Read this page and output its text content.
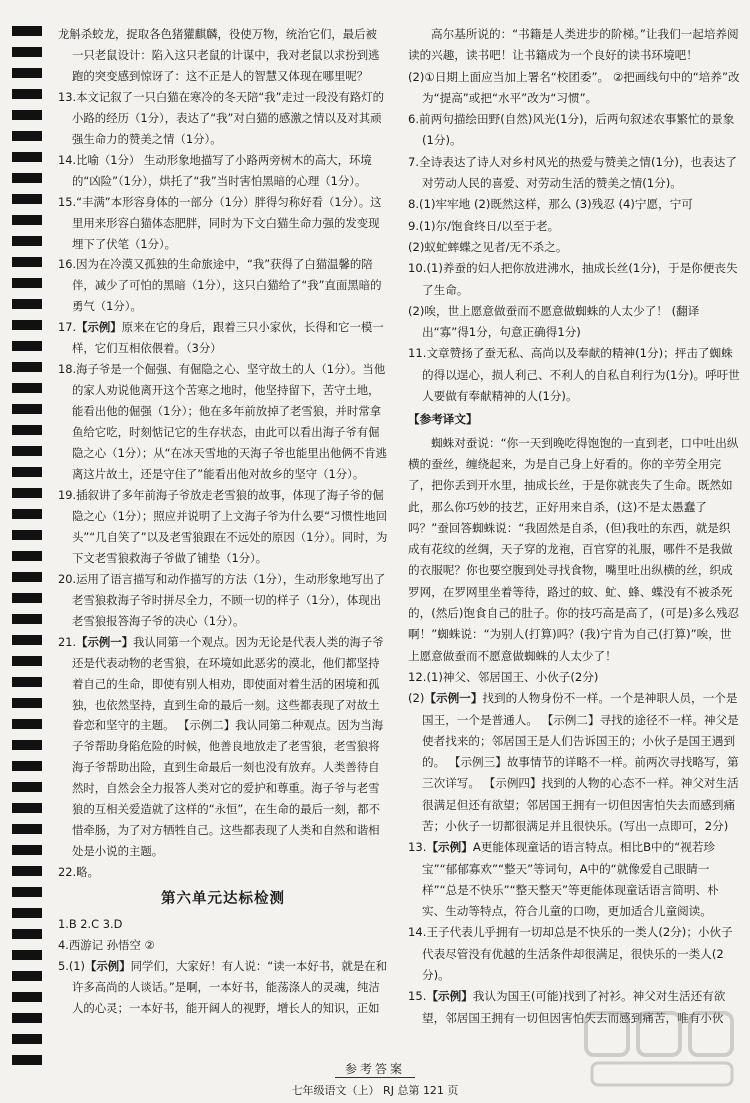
龙斛杀蛟龙，捉取各色猪獾麒麟，役使万物，统治它们，最后被一只老鼠设计：陷入这只老鼠的计谋中，我对老鼠以求扮到逃跑的突变感到惊讶了：这不正是人的智慧又体现在哪里呢？

13.本文记叙了一只白猫在寒冷的冬天陪“我”走过一段没有路灯的小路的经历（1分），表达了“我”对白猫的感激之情以及对其顽强生命力的赞美之情（1分）。

14.比喻（1分） 生动形象地描写了小路两旁树木的高大，环境的“凶险”（1分），烘托了“我”当时害怕黑暗的心理（1分）。

15.“丰满”本形容身体的一部分（1分）胖得匀称好看（1分）。这里用来形容白猫体态肥胖，同时为下文白猫生命力强的发变现埋下了伏笔（1分）。

16.因为在冷漠又孤独的生命旅途中，“我”获得了白猫温馨的陪伴，减少了可怕的黑暗（1分），这只白猫给了“我”直面黑暗的勇气（1分）。

17.【示例】原来在它的身后，跟着三只小家伙，长得和它一模一样，它们互相依偎着。（3分）

18.海子爷是一个倔强、有倔隐之心、坚守故土的人（1分）。当他的家人劝说他离开这个苦寒之地时，他坚持留下，苦守土地，能看出他的倔强（1分）；他在多年前放掉了老雪狼，并时常拿鱼给它吃，时刻惦记它的生存状态，由此可以看出海子爷有倔隐之心（1分）；从“在冰天雪地的天海子爷也能里出他俩不肯逃离这片故土，还是守住了”能看出他对故乡的坚守（1分）。

19.插叙讲了多年前海子爷放走老雪狼的故事，体现了海子爷的倔隐之心（1分）；照应并说明了上文海子爷为什么要“习惯性地回头”“几自笑了”以及老雪狼跟在不远处的原因（1分）。同时，为下文老雪狼救海子爷做了铺垫（1分）。

20.运用了语言描写和动作描写的方法（1分），生动形象地写出了老雪狼救海子爷时拼尽全力，不顾一切的样子（1分），体现出老雪狼报答海子爷的决心（1分）。

21.【示例一】我认同第一个观点。因为无论是代表人类的海子爷还是代表动物的老雪狼，在环境如此恶劣的漠北，他们都坚持着自己的生命，即使有别人相劝，即使面对着生活的困境和孤独，也依然坚持，直到生命的最后一刻。这些都表现了对故土眷恋和坚守的主题。 【示例二】我认同第二种观点。因为当海子爷帮助身陷危险的时候，他善良地放走了老雪狼，老雪狼将海子爷帮助出险，直到生命最后一刻也没有放弃。人类善待自然时，自然会全力报答人类对它的爱护和尊重。海子爷与老雪狼的互相关爱造就了这样的“永恒”，在生命的最后一刻，都不惜牵肠，为了对方牺牲自己。这些都表现了人类和自然和谐相处是小说的主题。

22.略。

第六单元达标检测

1.B 2.C 3.D

4.西游记 孙悟空 ②

5.(1)【示例】同学们，大家好！有人说：“读一本好书，就是在和许多高尚的人谈话。”是啊，一本好书，能荡涤人的灵魂，纯洁人的心灵；一本好书，能开阔人的视野，增长人的知识，正如

高尔基所说的：“书籍是人类进步的阶梯。”让我们一起培养阅读的兴趣，读书吧！让书籍成为一个良好的读书环境吧！

(2)①日期上面应当加上署名“校团委”。 ②把画线句中的“培养”改为“提高”或把“水平”改为“习惯”。

6.前两句描绘田野(自然)风光(1分)，后两句叙述农事繁忙的景象(1分)。

7.全诗表达了诗人对乡村风光的热爱与赞美之情(1分)，也表达了对劳动人民的喜爱、对劳动生活的赞美之情(1分)。

8.(1)牢牢地 (2)既然这样，那么 (3)残忍 (4)宁愿，宁可

9.(1)尔/饱食终日/以至于老。

(2)蚁虻蟀蝶之见者/无不杀之。

10.(1)养蚕的妇人把你放进沸水，抽成长丝(1分)，于是你便丧失了生命。

(2)唉，世上愿意做蚕而不愿意做蜘蛛的人太少了！ (翻译出“寡”得1分，句意正确得1分)

11.文章赞扬了蚕无私、高尚以及奉献的精神(1分)；抨击了蜘蛛的得以逞心，损人利己、不利人的自私自利行为(1分)。呼吁世人要做有奉献精神的人(1分)。

【参考译文】

蜘蛛对蚕说：“你一天到晚吃得饱饱的一直到老，口中吐出纵横的蚕丝，缠绕起来，为是自己身上好看的。你的辛劳全用完了，把你丢到开水里，抽成长丝，于是你就丧失了生命。既然如此，那么你巧妙的技艺，正好用来自杀，(这)不是太愚蠢了吗？”蚕回答蜘蛛说：“我固然是自杀，(但)我吐的东西，就是织成有花纹的丝绸，天子穿的龙袍，百官穿的礼服，哪件不是我做的衣服呢？你也要空腹到处寻找食物，嘴里吐出纵横的丝，织成罗网，在罗网里坐着等待，路过的蚊、虻、蜂、蝶没有不被杀死的，(然后)饱食自己的肚子。你的技巧高是高了，(可是)多么残忍啊！”蜘蛛说：“为别人(打算)吗？(我)宁肯为自己(打算)”唉，世上愿意做蚕而不愿意做蜘蛛的人太少了！

12.(1)神父、邻居国王、小伙子(2分)

(2)【示例一】找到的人物身份不一样。一个是神职人员，一个是国王，一个是普通人。 【示例二】寻找的途径不一样。神父是使者找来的；邻居国王是人们告诉国王的；小伙子是国王遇到的。 【示例三】故事情节的详略不一样。前两次寻找略写，第三次详写。 【示例四】找到的人物的心态不一样。神父对生活很满足但还有欲望；邻居国王拥有一切但因害怕失去而感到痛苦；小伙子一切都很满足并且很快乐。(写出一点即可，2分)

13.【示例】A更能体现童话的语言特点。相比B中的“视若珍宝”“郁郁寡欢”“整天”等词句，A中的“就像爱自己眼睛一样”“总是不快乐”“整天整天”等更能体现童话语言简明、朴实、生动等特点，符合儿童的口吻，更加适合儿童阅读。

14.王子代表儿乎拥有一切却总是不快乐的一类人(2分)；小伙子代表尽管没有优越的生活条件却很满足，很快乐的一类人(2分)。

15.【示例】我认为国王(可能)找到了衬衫。神父对生活还有欲望，邻居国王拥有一切但因害怕失去而感到痛苦，唯有小伙

参考答案
七年级语文（上） RJ 总第 121 页
